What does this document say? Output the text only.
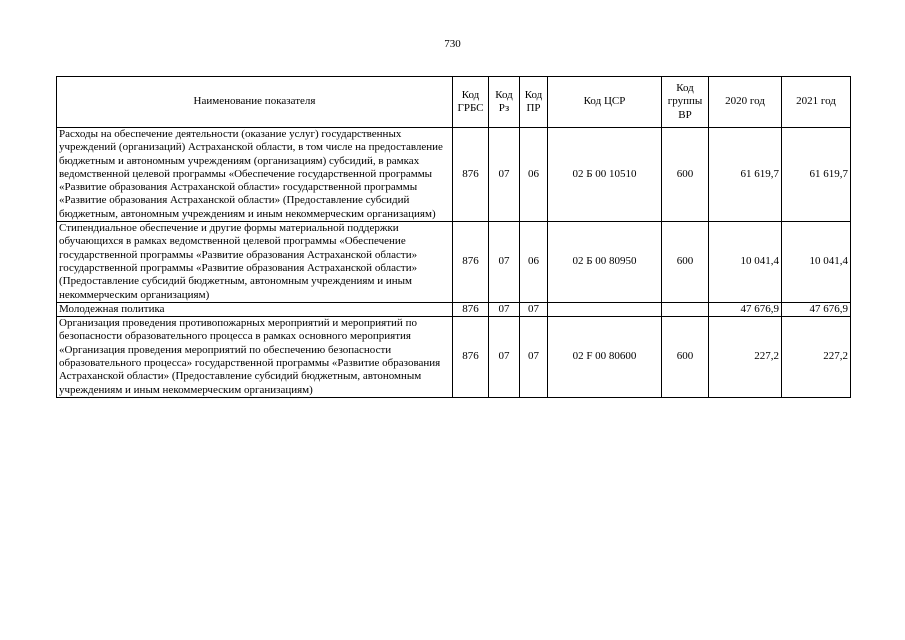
730
Наименование показателя	Код ГРБС	Код Рз	Код ПР	Код ЦСР	Код группы ВР	2020 год	2021 год
Расходы на обеспечение деятельности (оказание услуг) государственных учреждений (организаций) Астраханской области, в том числе на предоставление бюджетным и автономным учреждениям (организациям) субсидий, в рамках ведомственной целевой программы «Обеспечение государственной программы «Развитие образования Астраханской области» государственной программы «Развитие образования Астраханской области» (Предоставление субсидий бюджетным, автономным учреждениям и иным некоммерческим организациям)	876	07	06	02 Б 00 10510	600	61 619,7	61 619,7
Стипендиальное обеспечение и другие формы материальной поддержки обучающихся в рамках ведомственной целевой программы «Обеспечение государственной программы «Развитие образования Астраханской области» государственной программы «Развитие образования Астраханской области» (Предоставление субсидий бюджетным, автономным учреждениям и иным некоммерческим организациям)	876	07	06	02 Б 00 80950	600	10 041,4	10 041,4
Молодежная политика	876	07	07			47 676,9	47 676,9
Организация проведения противопожарных мероприятий и мероприятий по безопасности образовательного процесса в рамках основного мероприятия «Организация проведения мероприятий по обеспечению безопасности образовательного процесса» государственной программы «Развитие образования Астраханской области» (Предоставление субсидий бюджетным, автономным учреждениям и иным некоммерческим организациям)	876	07	07	02 F 00 80600	600	227,2	227,2
